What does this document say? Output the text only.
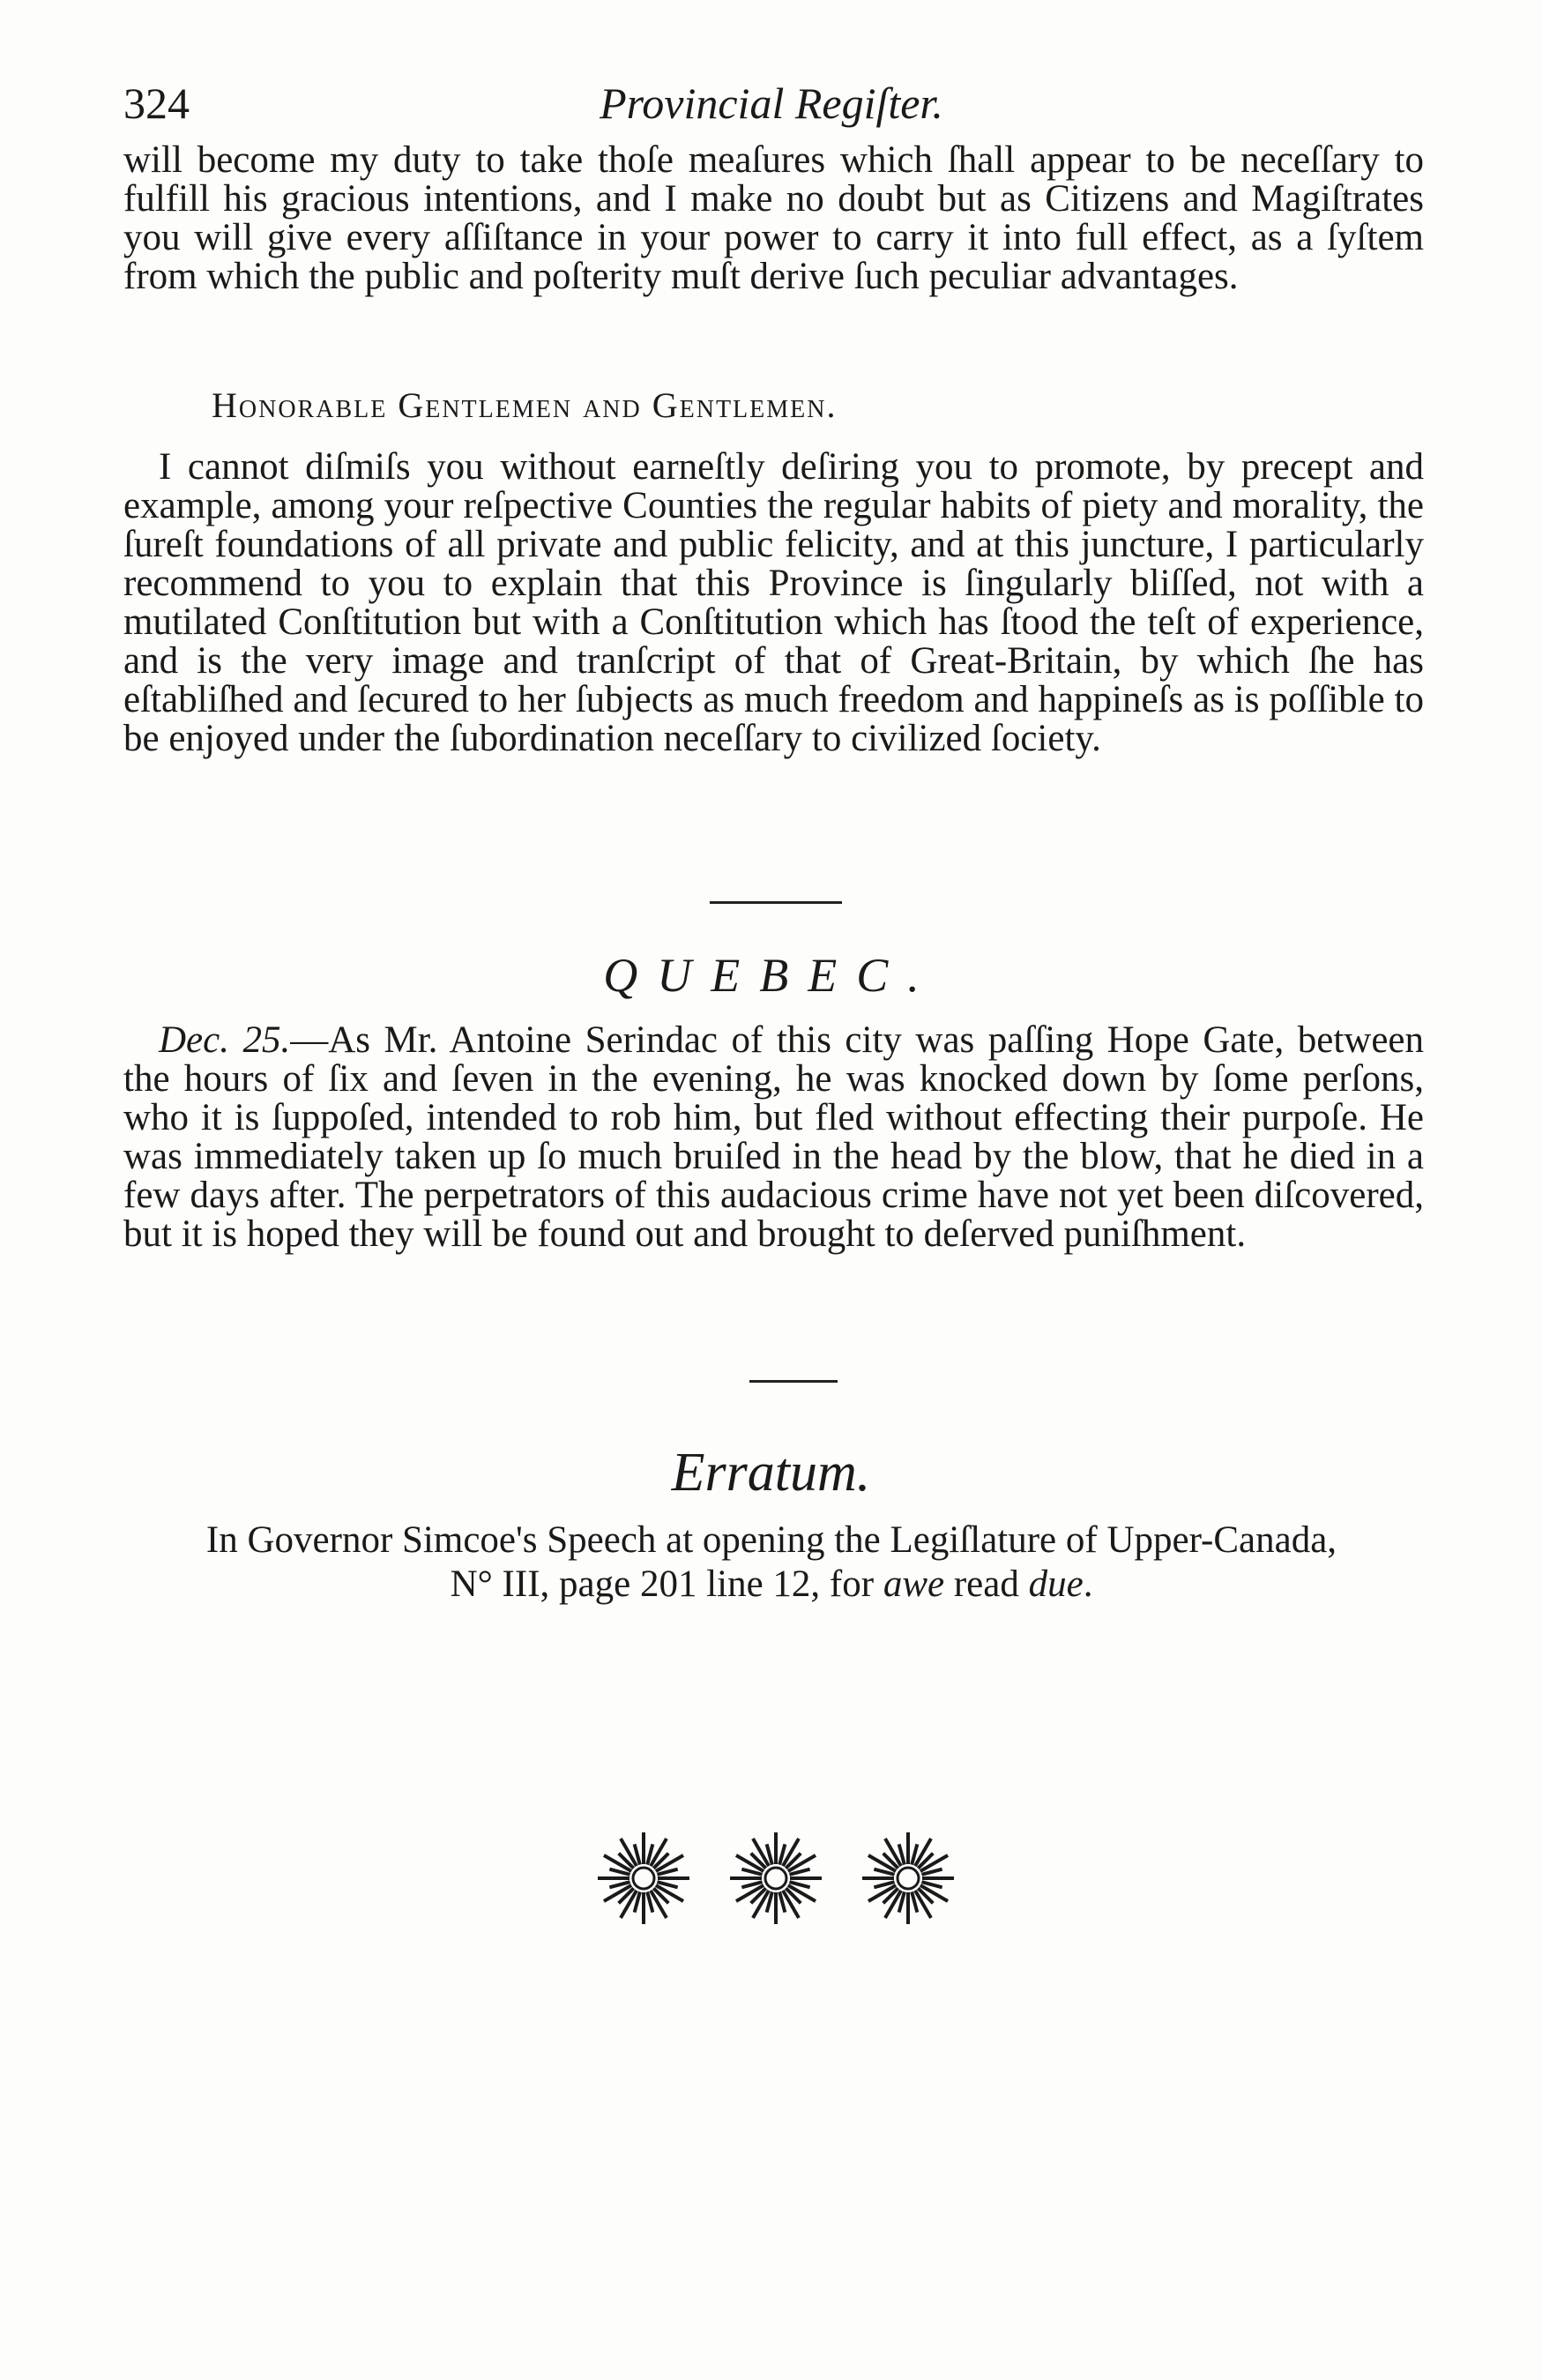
324	Provincial Regiſter.

will become my duty to take thoſe meaſures which ſhall appear to be neceſſary to fulfill his gracious intentions, and I make no doubt but as Citizens and Magiſtrates you will give every aſſiſtance in your power to carry it into full effect, as a ſyſtem from which the public and poſterity muſt derive ſuch peculiar advantages.

Honorable Gentlemen and Gentlemen.

I cannot diſmiſs you without earneſtly deſiring you to promote, by precept and example, among your reſpective Counties the regular habits of piety and morality, the ſureſt foundations of all private and public felicity, and at this juncture, I particularly recommend to you to explain that this Province is ſingularly bliſſed, not with a mutilated Conſtitution but with a Conſtitution which has ſtood the teſt of experience, and is the very image and tranſcript of that of Great-Britain, by which ſhe has eſtabliſhed and ſecured to her ſubjects as much freedom and happineſs as is poſſible to be enjoyed under the ſubordination neceſſary to civilized ſociety.

QUEBEC.

Dec. 25.—As Mr. Antoine Serindac of this city was paſſing Hope Gate, between the hours of ſix and ſeven in the evening, he was knocked down by ſome perſons, who it is ſuppoſed, intended to rob him, but fled without effecting their purpoſe. He was immediately taken up ſo much bruiſed in the head by the blow, that he died in a few days after. The perpetrators of this audacious crime have not yet been diſcovered, but it is hoped they will be found out and brought to deſerved puniſhment.

Erratum.

In Governor Simcoe's Speech at opening the Legiſlature of Upper-Canada,

N° III, page 201 line 12, for awe read due.
